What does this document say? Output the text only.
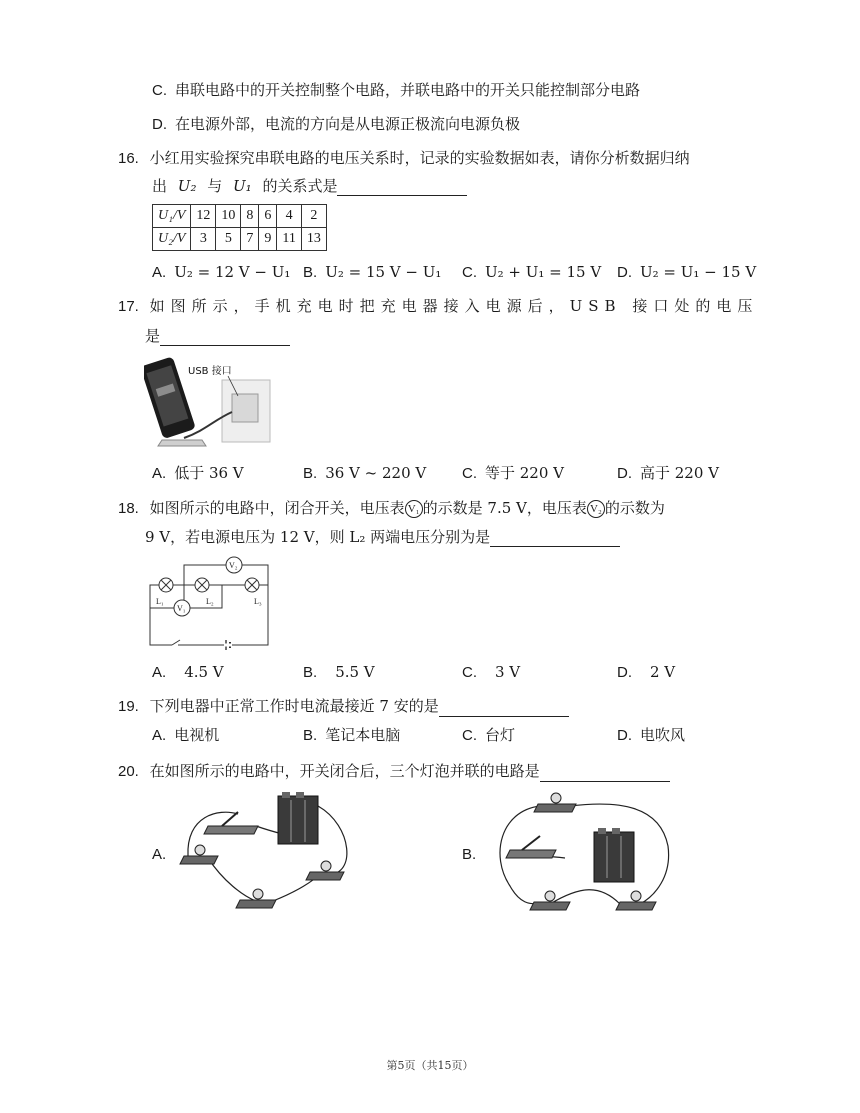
C. 串联电路中的开关控制整个电路，并联电路中的开关只能控制部分电路
D. 在电源外部，电流的方向是从电源正极流向电源负极
16. 小红用实验探究串联电路的电压关系时，记录的实验数据如表，请你分析数据归纳
出 U₂ 与 U₁ 的关系式是
U₁/V	12	10	8	6	4	2
U₂/V	3	5	7	9	11	13
A. U₂ = 12 V − U₁ B. U₂ = 15 V − U₁ C. U₂ + U₁ = 15 V D. U₂ = U₁ − 15 V
17. 如图所示，手机充电时把充电器接入电源后，USB 接口处的电压
是
USB 接口
A. 低于 36 V	B. 36 V ~ 220 V C. 等于 220 V	D. 高于 220 V
18. 如图所示的电路中，闭合开关，电压表 V₁ 的示数是 7.5 V，电压表 V₂ 的示数为
9 V，若电源电压为 12 V，则 L₂ 两端电压分别为是
L₁	L₂	L₃
V₁
V₂
A. 4.5 V	B. 5.5 V	C. 3 V	D. 2 V
19. 下列电器中正常工作时电流最接近 7 安的是
A. 电视机	B. 笔记本电脑	C. 台灯	D. 电吹风
20. 在如图所示的电路中，开关闭合后，三个灯泡并联的电路是
A.	B.
第5页（共15页）
